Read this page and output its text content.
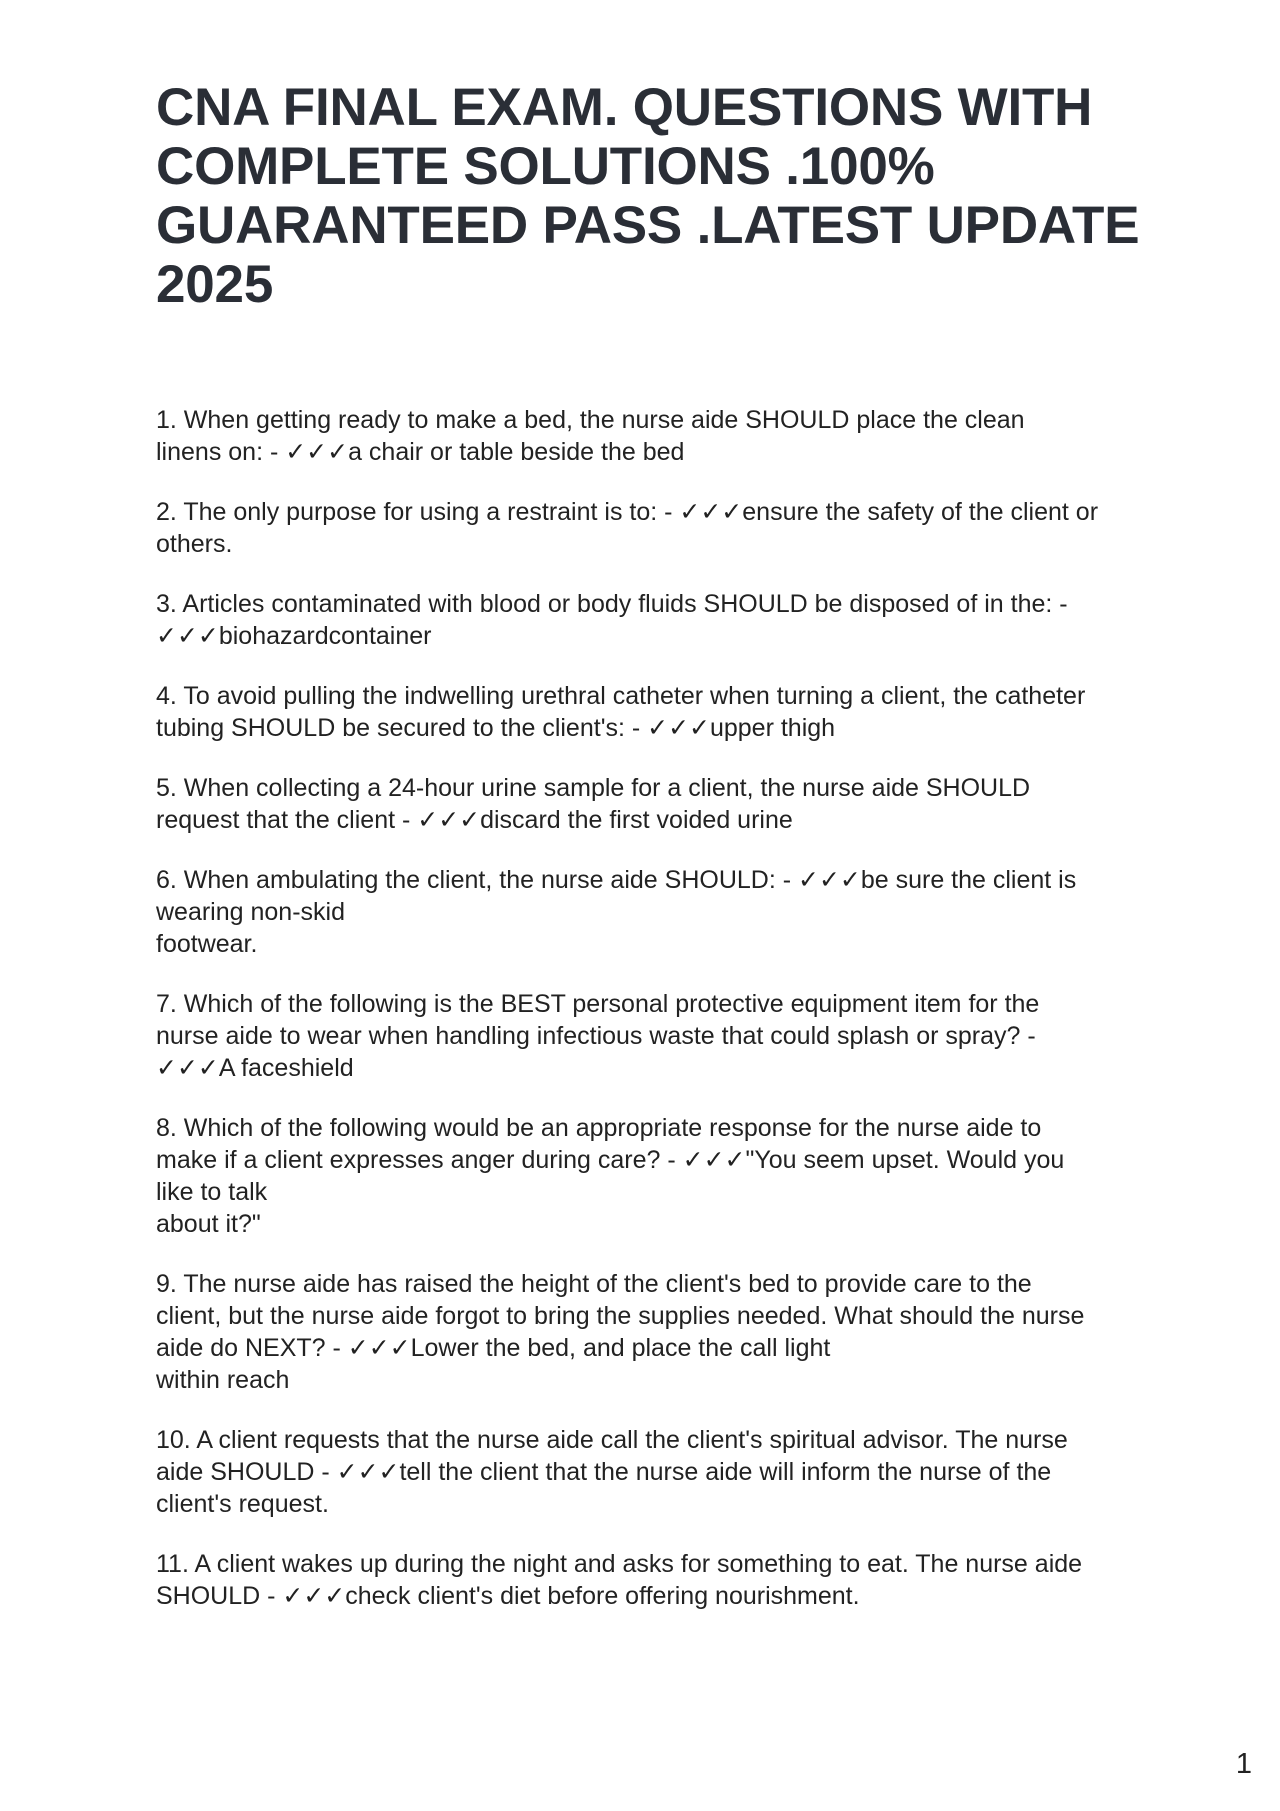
CNA FINAL EXAM. QUESTIONS WITH
COMPLETE SOLUTIONS .100%
GUARANTEED PASS .LATEST UPDATE
2025

1. When getting ready to make a bed, the nurse aide SHOULD place the clean
linens on: - ✓✓✓a chair or table beside the bed

2. The only purpose for using a restraint is to: - ✓✓✓ensure the safety of the client or
others.

3. Articles contaminated with blood or body fluids SHOULD be disposed of in the: -
✓✓✓biohazardcontainer

4. To avoid pulling the indwelling urethral catheter when turning a client, the catheter
tubing SHOULD be secured to the client's: - ✓✓✓upper thigh

5. When collecting a 24-hour urine sample for a client, the nurse aide SHOULD
request that the client - ✓✓✓discard the first voided urine

6. When ambulating the client, the nurse aide SHOULD: - ✓✓✓be sure the client is
wearing non-skid
footwear.

7. Which of the following is the BEST personal protective equipment item for the
nurse aide to wear when handling infectious waste that could splash or spray? -
✓✓✓A faceshield

8. Which of the following would be an appropriate response for the nurse aide to
make if a client expresses anger during care? - ✓✓✓"You seem upset. Would you
like to talk
about it?"

9. The nurse aide has raised the height of the client's bed to provide care to the
client, but the nurse aide forgot to bring the supplies needed. What should the nurse
aide do NEXT? - ✓✓✓Lower the bed, and place the call light
within reach

10. A client requests that the nurse aide call the client's spiritual advisor. The nurse
aide SHOULD - ✓✓✓tell the client that the nurse aide will inform the nurse of the
client's request.

11. A client wakes up during the night and asks for something to eat. The nurse aide
SHOULD - ✓✓✓check client's diet before offering nourishment.

1
